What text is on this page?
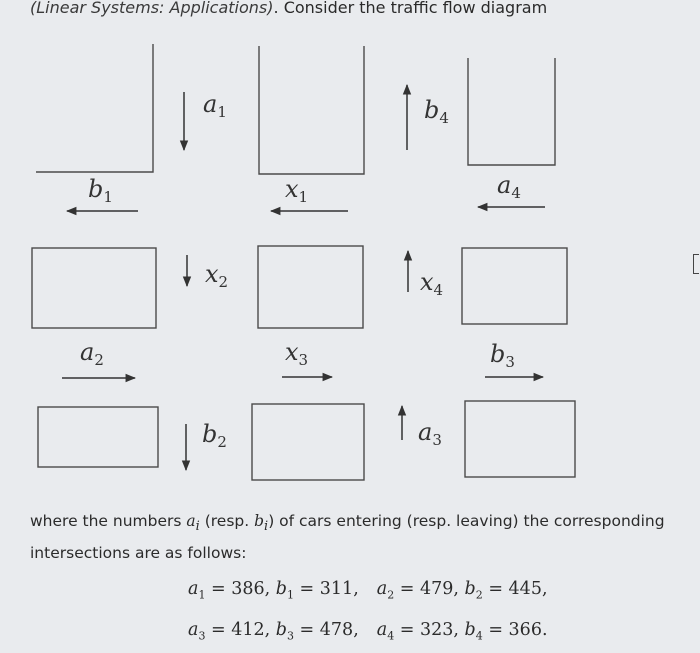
(Linear Systems: Applications). Consider the traffic flow diagram
$a_1$	$b_4$
$b_1$	$x_1$	$a_4$
$x_2$	$x_4$
$a_2$	$x_3$	$b_3$
$b_2$	$a_3$
where the numbers $a_i$ (resp. $b_i$) of cars entering (resp. leaving) the corresponding intersections are as follows:
$a_1 = 386$, $b_1 = 311$, $a_2 = 479$, $b_2 = 445$,
$a_3 = 412$, $b_3 = 478$, $a_4 = 323$, $b_4 = 366$.
